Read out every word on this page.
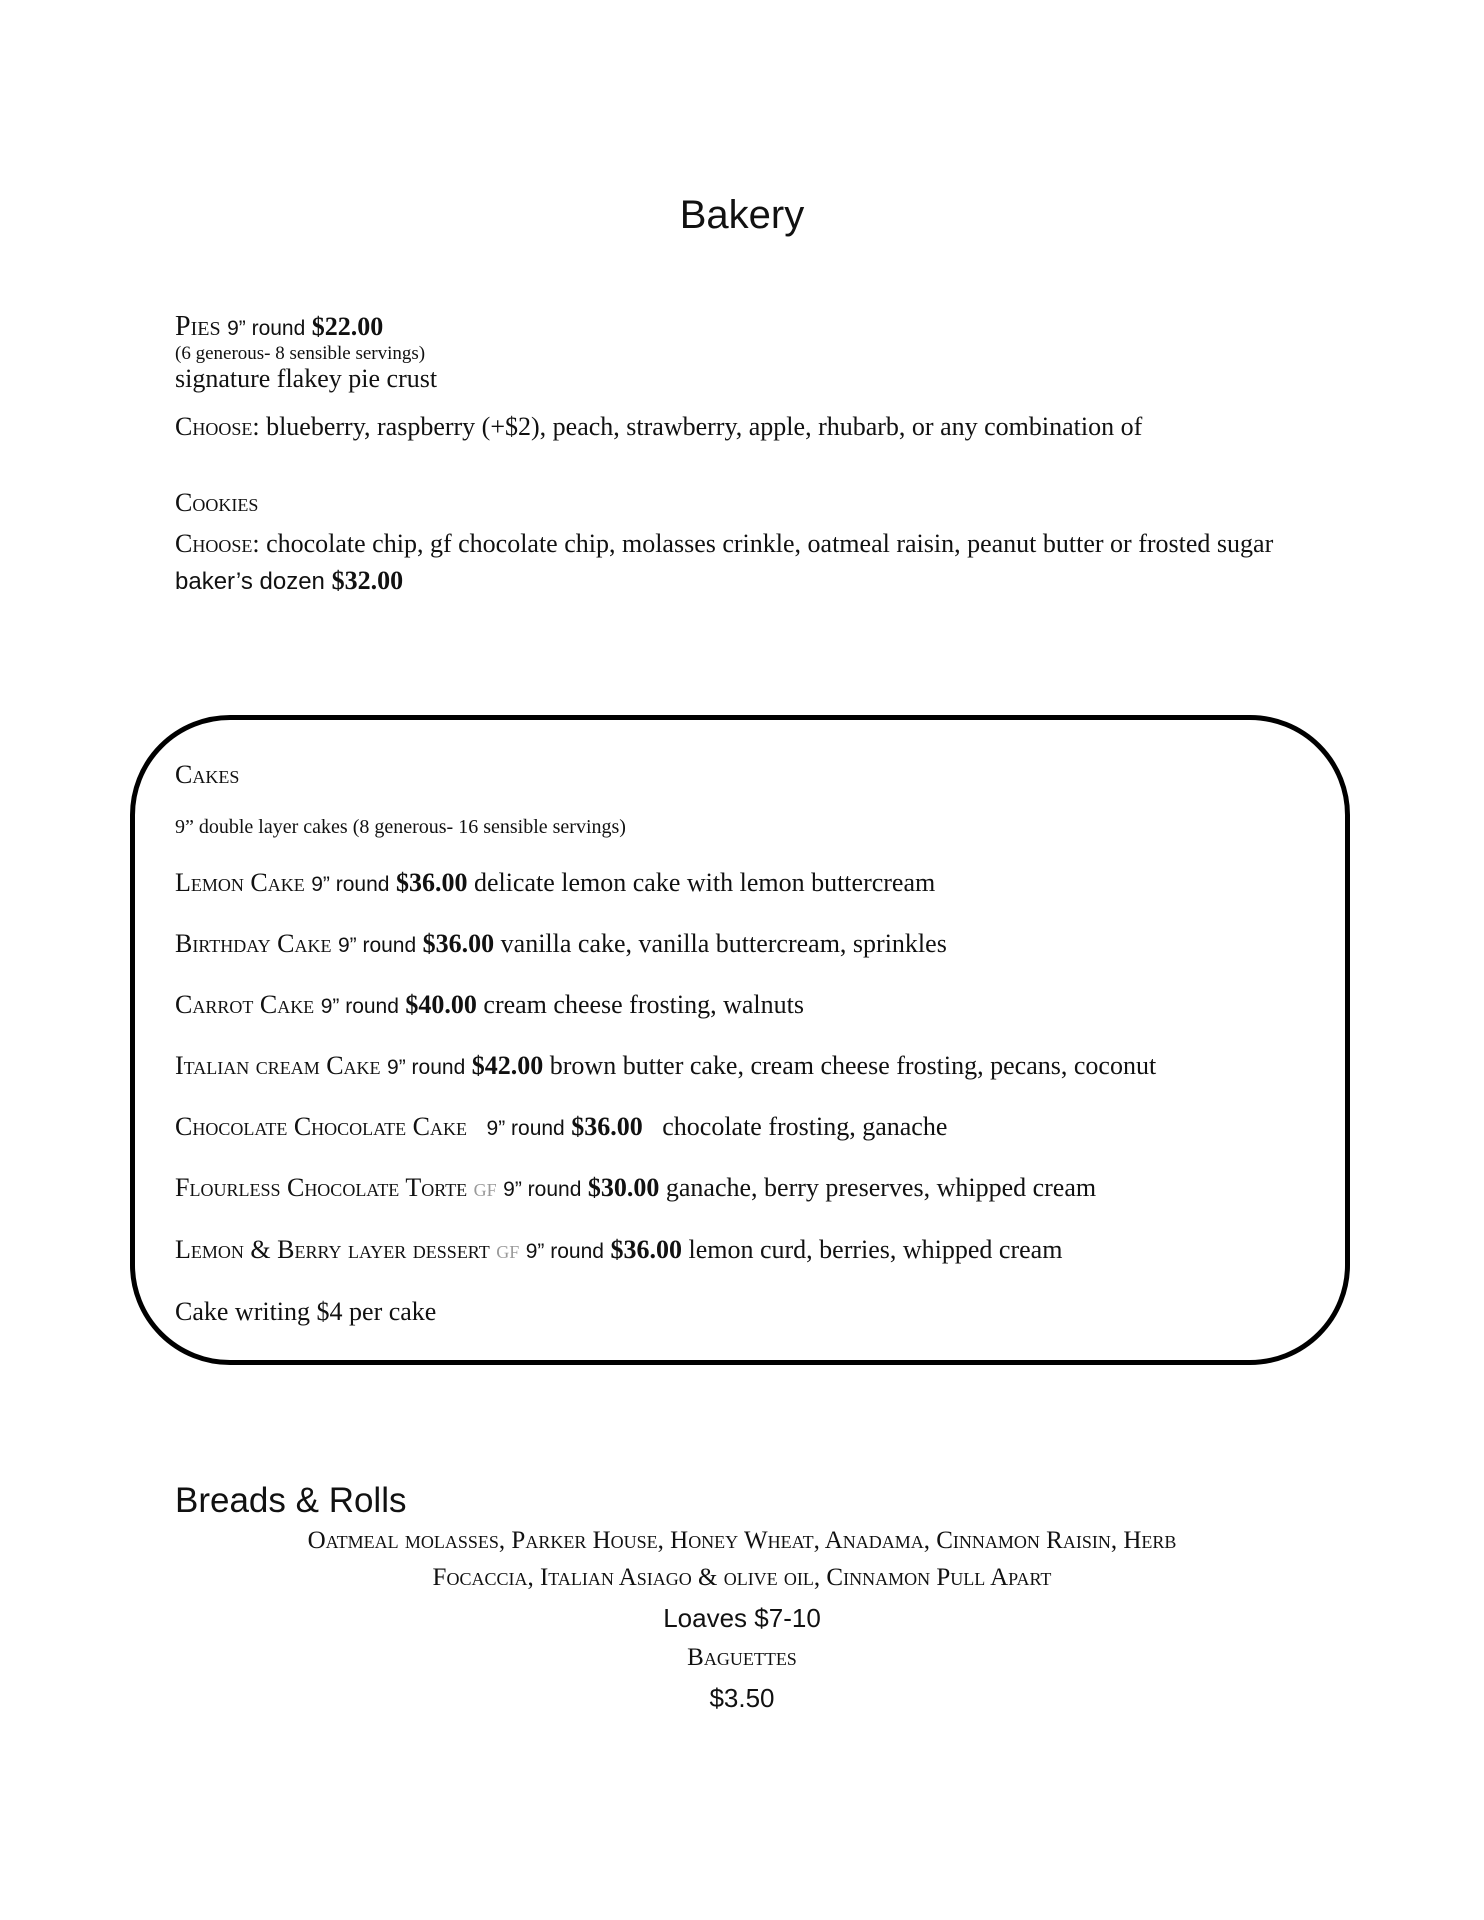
Bakery
Pies 9” round $22.00
(6 generous- 8 sensible servings)
signature flakey pie crust
Choose: blueberry, raspberry (+$2), peach, strawberry, apple, rhubarb, or any combination of
Cookies
Choose: chocolate chip, gf chocolate chip, molasses crinkle, oatmeal raisin, peanut butter or frosted sugar
baker’s dozen $32.00
Cakes
9” double layer cakes (8 generous- 16 sensible servings)
Lemon Cake 9” round $36.00 delicate lemon cake with lemon buttercream
Birthday Cake 9” round $36.00 vanilla cake, vanilla buttercream, sprinkles
Carrot Cake 9” round $40.00 cream cheese frosting, walnuts
Italian cream Cake 9” round $42.00 brown butter cake, cream cheese frosting, pecans, coconut
Chocolate Chocolate Cake 9” round $36.00 chocolate frosting, ganache
Flourless Chocolate Torte GF 9” round $30.00 ganache, berry preserves, whipped cream
Lemon & Berry layer dessert GF 9” round $36.00 lemon curd, berries, whipped cream
Cake writing $4 per cake
Breads & Rolls
Oatmeal molasses, Parker House, Honey Wheat, Anadama, Cinnamon Raisin, Herb
Focaccia, Italian Asiago & olive oil, Cinnamon Pull Apart
Loaves $7-10
Baguettes
$3.50
